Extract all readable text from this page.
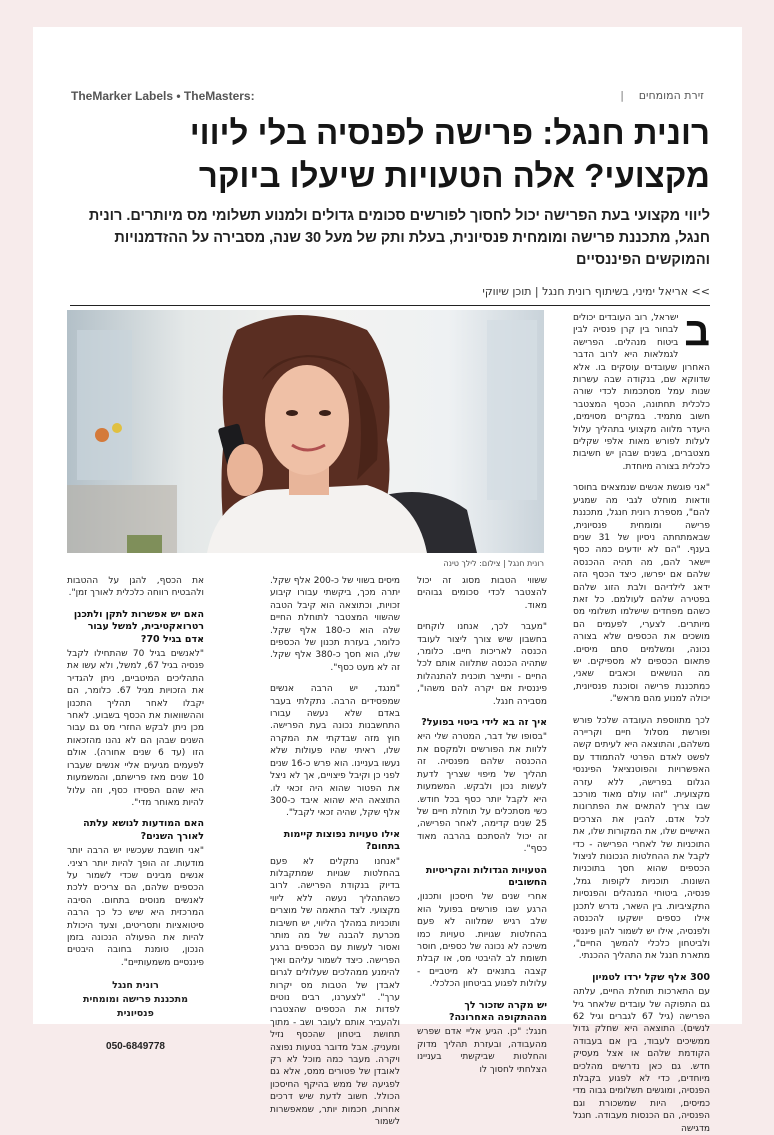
זירת המומחים
|
TheMarker Labels • TheMasters:
רונית חנגל: פרישה לפנסיה בלי ליווי מקצועי? אלה הטעויות שיעלו ביוקר
ליווי מקצועי בעת הפרישה יכול לחסוך לפורשים סכומים גדולים ולמנוע תשלומי מס מיותרים. רונית חנגל, מתכננת פרישה ומומחית פנסיונית, בעלת ותק של מעל 30 שנה, מסבירה על ההזדמנויות והמוקשים הפיננסיים
>> אריאל ימיני, בשיתוף רונית חנגל | תוכן שיווקי
רונית חנגל | צילום: לילך טינה
ב

ישראל, רוב העובדים יכולים לבחור בין קרן פנסיה לבין ביטוח מנהלים. הפרישה לגמלאות היא לרוב הדבר האחרון שעובדים עוסקים בו. אלא שדווקא שם, בנקודה שבה עשרות שנות עמל מסתכמות לכדי שורה כלכלית תחתונה, הכסף המצטבר חשוב מתמיד. במקרים מסוימים, היעדר מלווה מקצועי בתהליך עלול לעלות לפורש מאות אלפי שקלים מצטברים, בשנים שבהן יש חשיבות כלכלית בצורה מיוחדת.

"אני פוגשת אנשים שנמצאים בחוסר וודאות מוחלט לגבי מה שמגיע להם", מספרת רונית חנגל, מתכננת פרישה ומומחית פנסיונית, שבאמתחתה ניסיון של 31 שנים בענף. "הם לא יודעים כמה כסף יישאר להם, מה תהיה ההכנסה שלהם אם יפרשו, כיצד הכסף הזה ידאג לילדיהם ולבת הזוג שלהם בפטירה שלהם לעולמם. כל זאת כשהם מפחדים שישלמו תשלומי מס מיותרים. לצערי, לפעמים הם מושכים את הכספים שלא בצורה נכונה, ומשלמים סתם מיסים. פתאום הכספים לא מספיקים. יש מה הנושאים וכאבים שאני, כמתכננת פרישה וסוכנת פנסיונית, יכולה למנוע מהם מראש".

לכך מתווספת העובדה שלכל פורש ופורשת מסלול חיים וקריירה משלהם, והתוצאה היא לעיתים קשה לפשט לאדם הפרטי להתמודד עם האפשרויות והפוטנציאל הפיננסי הגלום בפרישה, ללא עזרה מקצועית. "זהו עולם מאוד מורכב שבו צריך להתאים את הפתרונות לכל אדם. להבין את הצרכים האישיים שלו, את המקורות שלו, את התוכניות של לאחרי הפרישה - כדי לקבל את ההחלטות הנכונות לניצול הכספים שהוא חסך בתוכניות השונות. תוכניות לקופות גמל, פנסיה, ביטוחי המנהלים והפנסיות התקציביות. בין השאר, נדרש לתכנן אילו כספים יושקעו להכנסה ולפנסיה, אילו יש לשמור להון פיננסי ולביטחון כלכלי להמשך החיים", מתארת חנגל את התהליך ההכנתי.

300 אלף שקל ירדו לטמיון

עם התארכות תוחלת החיים, עלתה גם התפוקה של עובדים שלאחר גיל הפרישה (גיל 67 לגברים וגיל 62 לנשים). התוצאה היא שחלק גדול ממשיכים לעבוד, בין אם בעבודה הקודמת שלהם או אצל מעסיק חדש. גם כאן נדרשים מהלכים מיוחדים, כדי לא לפגוע בקבלת הפנסיה, ומוגשים תשלומים גבוה מדי כמיסים, היות שמשכורת וגם הפנסיה, הם הכנסות מעבודה. חנגל מדגישה

ששווי הטבות מסוג זה יכול להצטבר לכדי סכומים גבוהים מאוד.

"מעבר לכך, אנחנו לוקחים בחשבון שיש צורך ליצור לעובד הכנסה לאריכות חיים. כלומר, שתהיה הכנסה שתלווה אותם לכל החיים - ותייצר תוכנית להתנהלות פיננסית אם יקרה להם משהו", מסבירה חנגל.

איך זה בא לידי ביטוי בפועל?

"בסופו של דבר, המטרה שלי היא ללוות את הפורשים ולמקסם את ההכנסה שלהם מפנסיה. זה תהליך של מיפוי שצריך לדעת לעשות נכון ולבקש. המשמעות היא לקבל יותר כסף בכל חודש. כשי מסתכלים על תוחלת חיים של 25 שנים קדימה, לאחר הפרישה, זה יכול להסתכם בהרבה מאוד כסף".

הטעויות הגדולות והקריטיות החשובים

אחרי שנים של חיסכון ותכנון, הרגע שבו פורשים בפועל הוא שלב רגיש שמלווה לא פעם בהחלטות שגויות. טעויות כמו משיכה לא נכונה של כספים, חוסר תשומת לב להיבטי מס, או קבלת קצבה בתנאים לא מיטביים - עלולות לפגוע בביטחון הכלכלי.

יש מקרה שזכור לך מההתקופה האחרונה?

חנגל: "כן. הגיע אליי אדם שפרש מהעבודה, ובעזרת תהליך מדוק והחלטות שביקשתי בעניינו הצלחתי לחסוך לו

מיסים בשווי של כ-200 אלף שקל. יתרה מכך, ביקשתי עבורו קיבוע זכויות, וכתוצאה הוא קיבל הטבה שהשווי המצטבר לתוחלת החיים שלה הוא כ-180 אלף שקל. כלומר, בעזרת תכנון של הכספים שלו, הוא חסך כ-380 אלף שקל. זה לא מעט כסף".

"מנגד, יש הרבה אנשים שמפסידים הרבה. נתקלתי בעבר באדם שלא נעשה עבורו התחשבנות נכונה בעת הפרישה. חוץ מזה שבדקתי את המקרה שלו, ראיתי שהיו פעולות שלא נעשו בעניינו. הוא פרש כ-16 שנים לפני כן וקיבל פיצויים, אך לא ניצל את הפטור שהוא היה זכאי לו. התוצאה היא שהוא איבד כ-300 אלף שקל, שהיה זכאי לקבל".

אילו טעויות נפוצות קיימות בתחום?

"אנחנו נתקלים לא פעם בהחלטות שגויות שמתקבלות בדיוק בנקודת הפרישה. לרוב כשהתהליך נעשה ללא ליווי מקצועי. לצד התאמה של מוצרים ותוכניות במהלך הליווי, יש חשיבות מכרעת להבנה של מה מותר ואסור לעשות עם הכספים ברגע הפרישה. כיצד לשמור עליהם ואיך להימנע ממהלכים שעלולים לגרום לאבדן של הטבות מס יקרות ערך". "לצערנו, רבים נוטים לפדות את הכספים שהצטברו ולהעביר אותם לעובר ושב - מתוך תחושת ביטחון שהכסף נזיל ומעניק. אבל מדובר בטעות נפוצה ויקרה. מעבר כמה מוכל לא רק לאובדן של פטורים ממס, אלא גם לפגיעה של ממש בהיקף החיסכון הכולל. חשוב לדעת שיש דרכים אחרות, חכמות יותר, שמאפשרות לשמור

את הכסף, להגן על ההטבות ולהבטיח רווחה כלכלית לאורך זמן".

האם יש אפשרות לתקן ולתכנן רטרואקטיבית, למשל עבור אדם בגיל 70?

"לאנשים בגיל 70 שהתחילו לקבל פנסיה בגיל 67, למשל, ולא עשו את התהליכים המיטביים, ניתן להגדיר את הזכויות מגיל 67. כלומר, הם יקבלו לאחר תהליך התכנון וההשוואות את הכסף בשבוע. לאחר מכן ניתן לבקש החזרי מס גם עבור השנים שבהן הם לא נהנו מהזכאות הזו (עד 6 שנים אחורה). אולם לפעמים מגיעים אליי אנשים שעברו 10 שנים מאז פרישתם, והמשמעות היא שהם הפסידו כסף, וזה עלול להיות מאוחר מדי".

האם המודעות לנושא עלתה לאורך השנים?

"אני חושבת שעכשיו יש הרבה יותר מודעות. זה הופך להיות יותר רציני. אנשים מבינים שכדי לשמור על הכספים שלהם, הם צריכים ללכת לאנשים מנוסים בתחום. הסיבה המרכזית היא שיש כל כך הרבה סיטואציות ותסריטים, וצעד היכולת להיות את הפעולה הנכונה בזמן הנכון, טומנת בחובה היבטים פיננסיים משמעותיים".

רונית חנגל
מתכננת פרישה ומומחית פנסיונית
050-6849778
